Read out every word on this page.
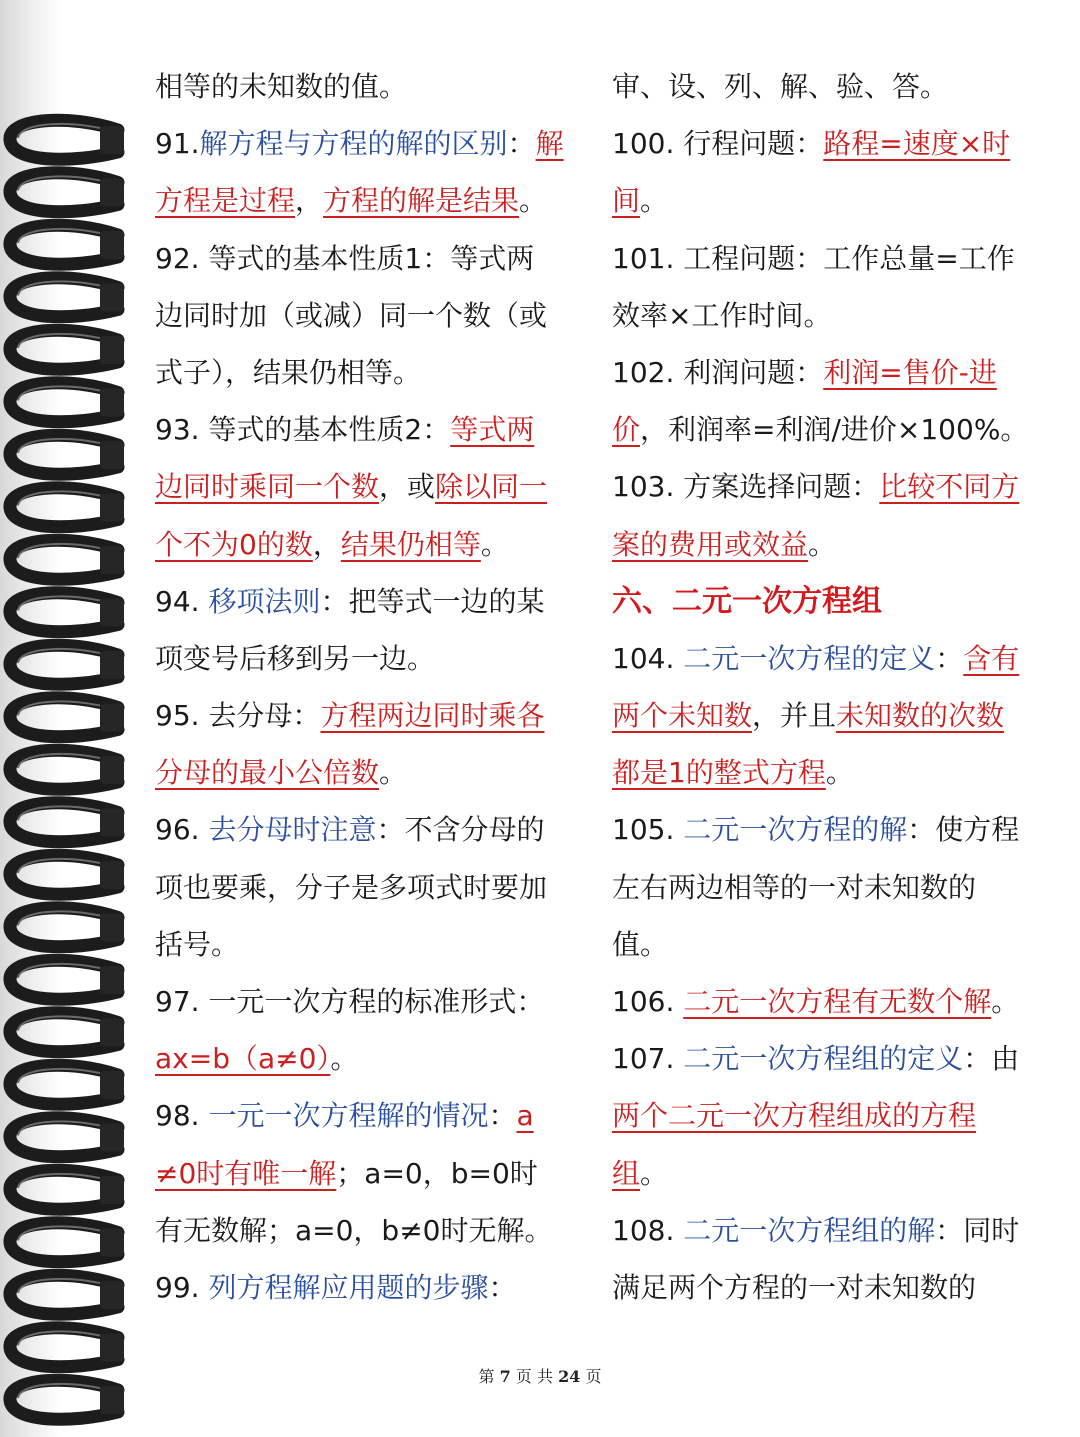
相等的未知数的值。
91.解方程与方程的解的区别：解
方程是过程，方程的解是结果。
92. 等式的基本性质1：等式两
边同时加（或减）同一个数（或
式子），结果仍相等。
93. 等式的基本性质2：等式两
边同时乘同一个数，或除以同一
个不为0的数，结果仍相等。
94. 移项法则：把等式一边的某
项变号后移到另一边。
95. 去分母：方程两边同时乘各
分母的最小公倍数。
96. 去分母时注意：不含分母的
项也要乘，分子是多项式时要加
括号。
97. 一元一次方程的标准形式：
ax=b（a≠0）。
98. 一元一次方程解的情况：a
≠0时有唯一解；a=0，b=0时
有无数解；a=0，b≠0时无解。
99. 列方程解应用题的步骤：
审、设、列、解、验、答。
100. 行程问题：路程=速度×时
间。
101. 工程问题：工作总量=工作
效率×工作时间。
102. 利润问题：利润=售价-进
价，利润率=利润/进价×100%。
103. 方案选择问题：比较不同方
案的费用或效益。
六、二元一次方程组
104. 二元一次方程的定义：含有
两个未知数，并且未知数的次数
都是1的整式方程。
105. 二元一次方程的解：使方程
左右两边相等的一对未知数的
值。
106. 二元一次方程有无数个解。
107. 二元一次方程组的定义：由
两个二元一次方程组成的方程
组。
108. 二元一次方程组的解：同时
满足两个方程的一对未知数的
第 7 页 共 24 页
